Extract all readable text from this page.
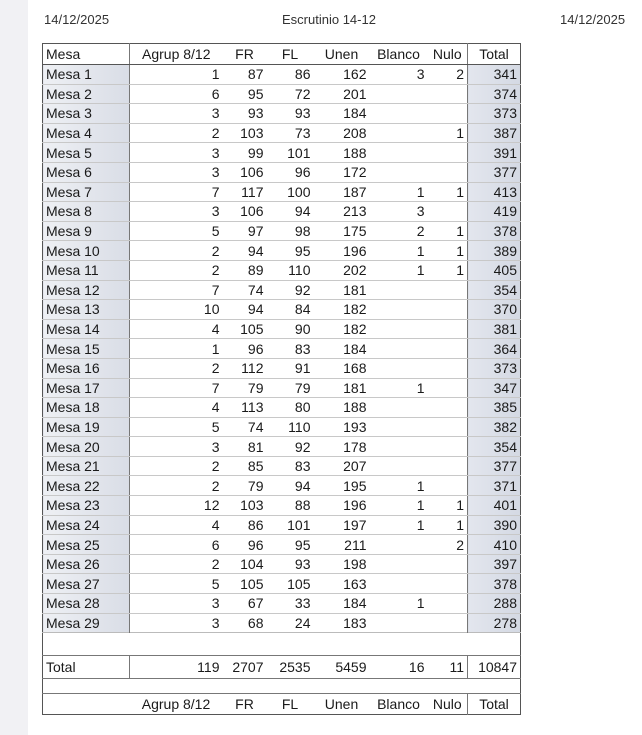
14/12/2025	Escrutinio 14-12	14/12/2025
Mesa	Agrup 8/12	FR	FL	Unen	Blanco	Nulo	Total
Mesa 1	1	87	86	162	3	2	341
Mesa 2	6	95	72	201			374
Mesa 3	3	93	93	184			373
Mesa 4	2	103	73	208		1	387
Mesa 5	3	99	101	188			391
Mesa 6	3	106	96	172			377
Mesa 7	7	117	100	187	1	1	413
Mesa 8	3	106	94	213	3		419
Mesa 9	5	97	98	175	2	1	378
Mesa 10	2	94	95	196	1	1	389
Mesa 11	2	89	110	202	1	1	405
Mesa 12	7	74	92	181			354
Mesa 13	10	94	84	182			370
Mesa 14	4	105	90	182			381
Mesa 15	1	96	83	184			364
Mesa 16	2	112	91	168			373
Mesa 17	7	79	79	181	1		347
Mesa 18	4	113	80	188			385
Mesa 19	5	74	110	193			382
Mesa 20	3	81	92	178			354
Mesa 21	2	85	83	207			377
Mesa 22	2	79	94	195	1		371
Mesa 23	12	103	88	196	1	1	401
Mesa 24	4	86	101	197	1	1	390
Mesa 25	6	96	95	211		2	410
Mesa 26	2	104	93	198			397
Mesa 27	5	105	105	163			378
Mesa 28	3	67	33	184	1		288
Mesa 29	3	68	24	183			278

Total	119	2707	2535	5459	16	11	10847

	Agrup 8/12	FR	FL	Unen	Blanco	Nulo	Total
